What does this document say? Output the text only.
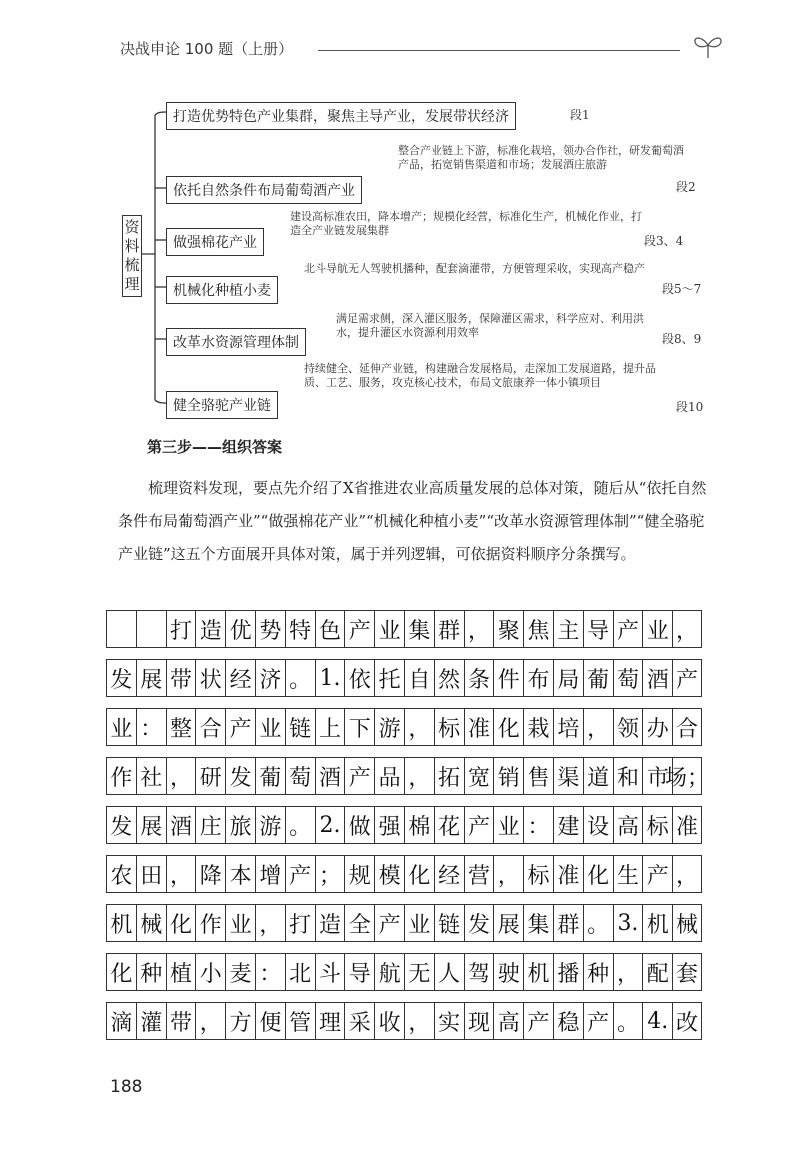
决战申论 100 题（上册）
资料梳理
打造优势特色产业集群，聚焦主导产业，发展带状经济	段1
依托自然条件布局葡萄酒产业
整合产业链上下游，标准化栽培，领办合作社，研发葡萄酒产品，拓宽销售渠道和市场；发展酒庄旅游
段2
做强棉花产业
建设高标准农田，降本增产；规模化经营，标准化生产，机械化作业，打造全产业链发展集群
段3、4
机械化种植小麦
北斗导航无人驾驶机播种，配套滴灌带，方便管理采收，实现高产稳产
段5～7
改革水资源管理体制
满足需求侧，深入灌区服务，保障灌区需求，科学应对、利用洪水，提升灌区水资源利用效率	段8、9
健全骆驼产业链
持续健全、延伸产业链，构建融合发展格局，走深加工发展道路，提升品质、工艺、服务，攻克核心技术，布局文旅康养一体小镇项目
段10
第三步——组织答案
梳理资料发现，要点先介绍了X省推进农业高质量发展的总体对策，随后从“依托自然条件布局葡萄酒产业”“做强棉花产业”“机械化种植小麦”“改革水资源管理体制”“健全骆驼产业链”这五个方面展开具体对策，属于并列逻辑，可依据资料顺序分条撰写。
打 造 优 势 特 色 产 业 集 群 ， 聚 焦 主 导 产 业 ，
发 展 带 状 经 济 。 1. 依 托 自 然 条 件 布 局 葡 萄 酒 产
业 ： 整 合 产 业 链 上 下 游 ， 标 准 化 栽 培 ， 领 办 合
作 社 ， 研 发 葡 萄 酒 产 品 ， 拓 宽 销 售 渠 道 和 市
场；
发 展 酒 庄 旅 游 。 2. 做 强 棉 花 产 业 ： 建 设 高 标 准
农 田 ， 降 本 增 产 ； 规 模 化 经 营 ， 标 准 化 生 产 ，
机 械 化 作 业 ， 打 造 全 产 业 链 发 展 集 群 。 3. 机 械
化 种 植 小 麦 ： 北 斗 导 航 无 人 驾 驶 机 播 种 ， 配 套
滴 灌 带 ， 方 便 管 理 采 收 ， 实 现 高 产 稳 产 。 4. 改
188
